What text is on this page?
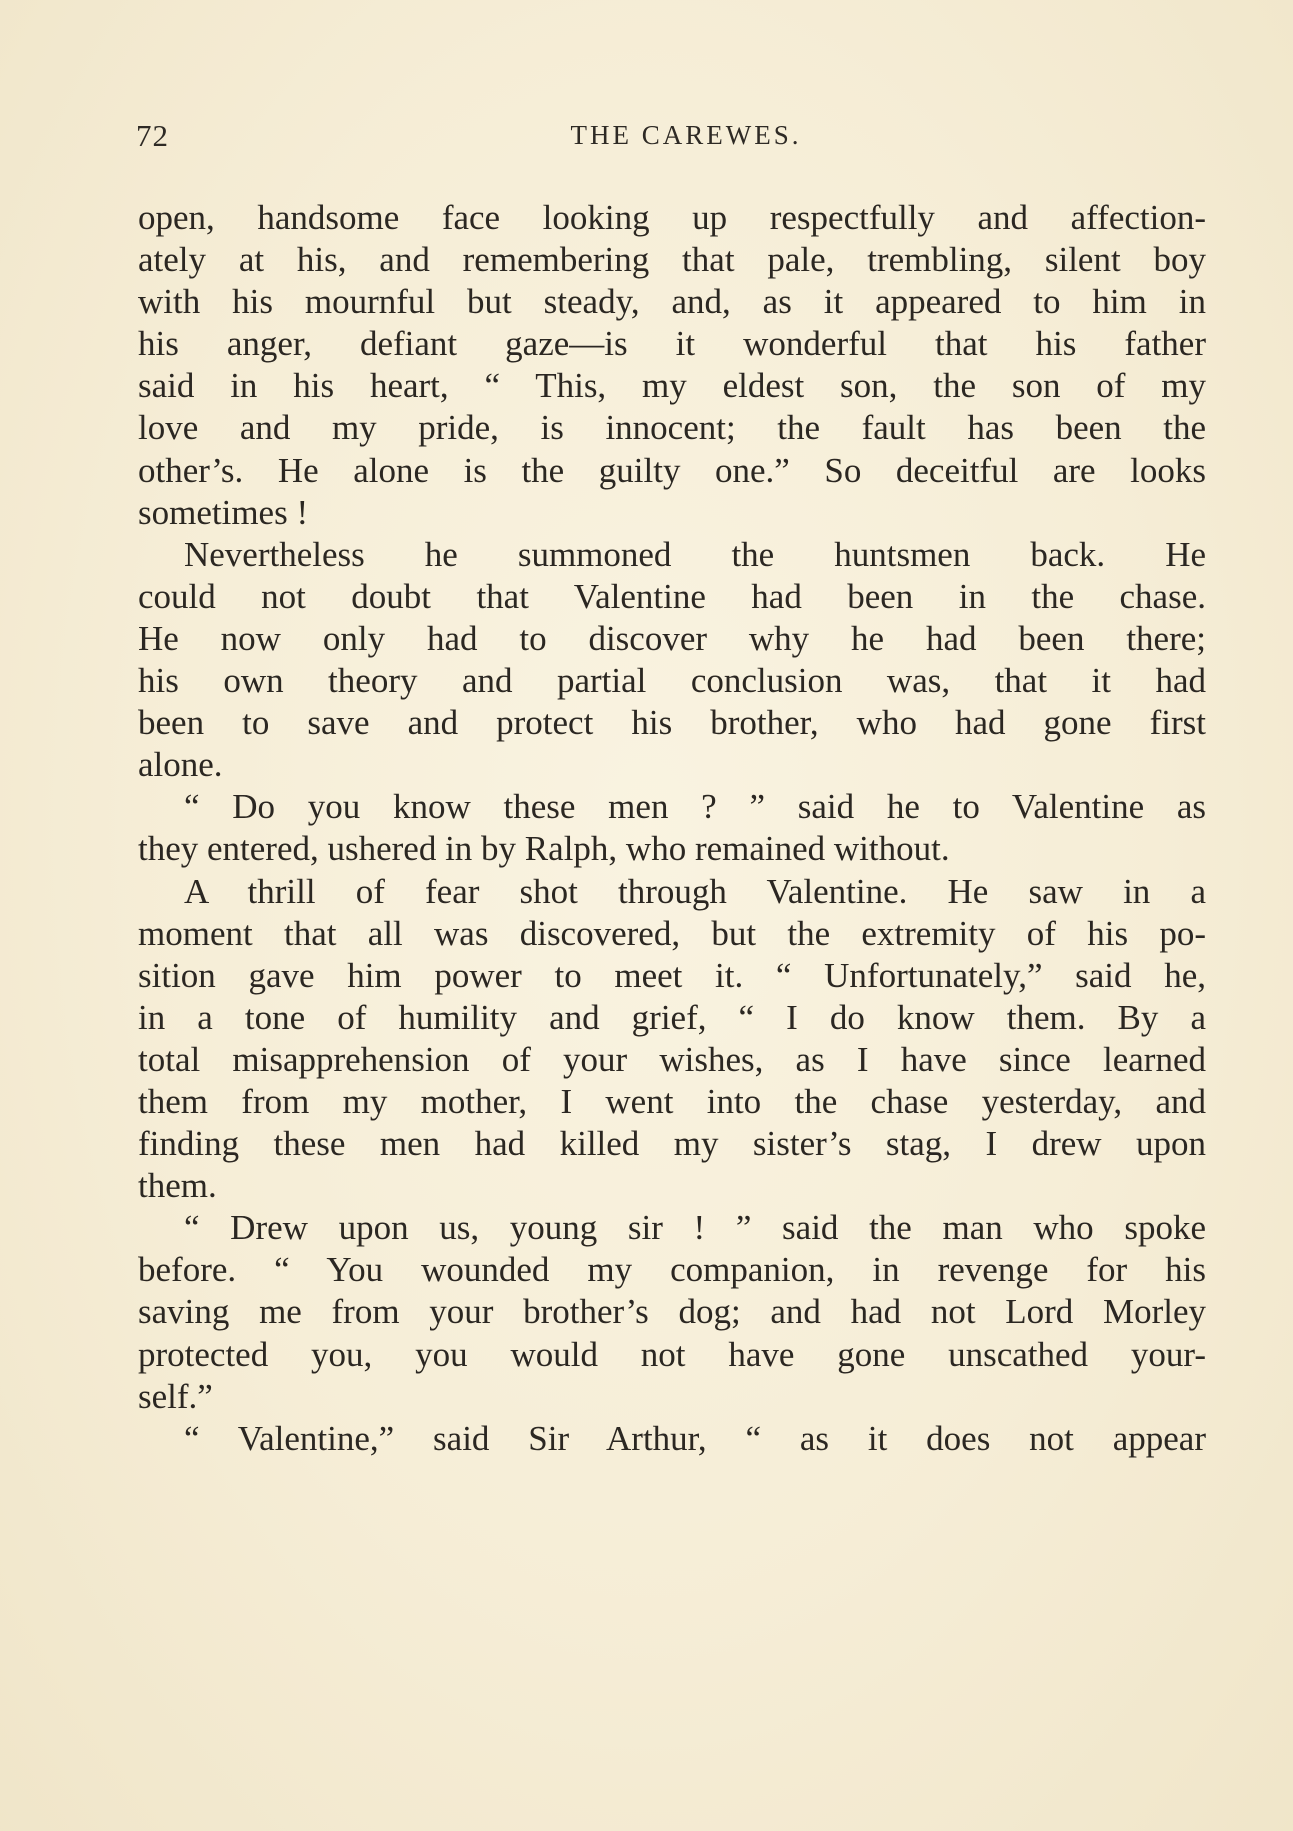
72	THE CAREWES.
open, handsome face looking up respectfully and affection-
ately at his, and remembering that pale, trembling, silent boy
with his mournful but steady, and, as it appeared to him in
his anger, defiant gaze—is it wonderful that his father
said in his heart, “ This, my eldest son, the son of my
love and my pride, is innocent; the fault has been the
other’s. He alone is the guilty one.” So deceitful are looks
sometimes !
Nevertheless he summoned the huntsmen back. He
could not doubt that Valentine had been in the chase.
He now only had to discover why he had been there;
his own theory and partial conclusion was, that it had
been to save and protect his brother, who had gone first
alone.
“ Do you know these men ? ” said he to Valentine as
they entered, ushered in by Ralph, who remained without.
A thrill of fear shot through Valentine. He saw in a
moment that all was discovered, but the extremity of his po-
sition gave him power to meet it. “ Unfortunately,” said he,
in a tone of humility and grief, “ I do know them. By a
total misapprehension of your wishes, as I have since learned
them from my mother, I went into the chase yesterday, and
finding these men had killed my sister’s stag, I drew upon
them.
“ Drew upon us, young sir ! ” said the man who spoke
before. “ You wounded my companion, in revenge for his
saving me from your brother’s dog; and had not Lord Morley
protected you, you would not have gone unscathed your-
self.”
“ Valentine,” said Sir Arthur, “ as it does not appear
